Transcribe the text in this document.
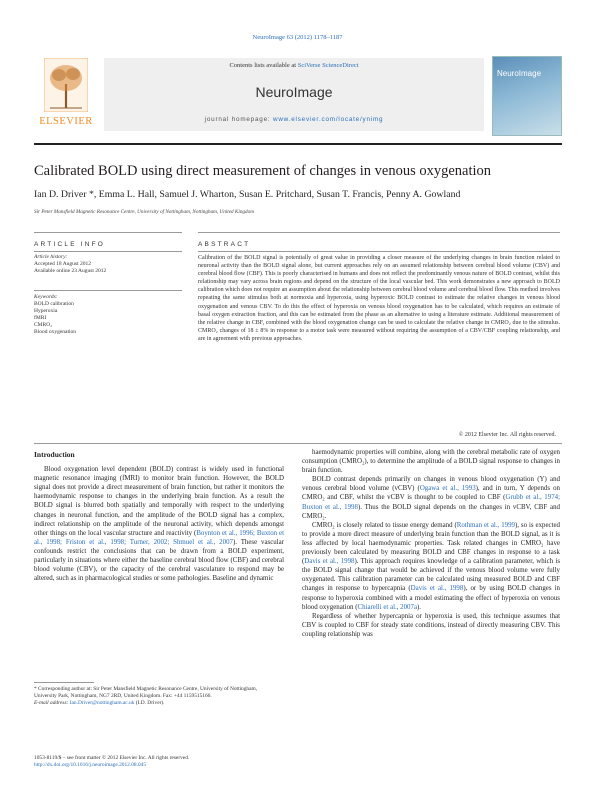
NeuroImage 63 (2012) 1178–1187
ELSEVIER
Contents lists available at SciVerse ScienceDirect
NeuroImage
journal homepage: www.elsevier.com/locate/ynimg
NeuroImage
Calibrated BOLD using direct measurement of changes in venous oxygenation
Ian D. Driver *, Emma L. Hall, Samuel J. Wharton, Susan E. Pritchard, Susan T. Francis, Penny A. Gowland
Sir Peter Mansfield Magnetic Resonance Centre, University of Nottingham, Nottingham, United Kingdom
ARTICLE INFO	ABSTRACT
Article history:
Accepted 18 August 2012
Available online 23 August 2012
Keywords:
BOLD calibration
Hyperoxia
fMRI
CMRO₂
Blood oxygenation
Calibration of the BOLD signal is potentially of great value in providing a closer measure of the underlying changes in brain function related to neuronal activity than the BOLD signal alone, but current approaches rely on an assumed relationship between cerebral blood volume (CBV) and cerebral blood flow (CBF). This is poorly characterised in humans and does not reflect the predominantly venous nature of BOLD contrast, whilst this relationship may vary across brain regions and depend on the structure of the local vascular bed. This work demonstrates a new approach to BOLD calibration which does not require an assumption about the relationship between cerebral blood volume and cerebral blood flow. This method involves repeating the same stimulus both at normoxia and hyperoxia, using hyperoxic BOLD contrast to estimate the relative changes in venous blood oxygenation and venous CBV. To do this the effect of hyperoxia on venous blood oxygenation has to be calculated, which requires an estimate of basal oxygen extraction fraction, and this can be estimated from the phase as an alternative to using a literature estimate. Additional measurement of the relative change in CBF, combined with the blood oxygenation change can be used to calculate the relative change in CMRO₂ due to the stimulus. CMRO₂ changes of 18 ± 8% in response to a motor task were measured without requiring the assumption of a CBV/CBF coupling relationship, and are in agreement with previous approaches.
© 2012 Elsevier Inc. All rights reserved.
Introduction

Blood oxygenation level dependent (BOLD) contrast is widely used in functional magnetic resonance imaging (fMRI) to monitor brain function. However, the BOLD signal does not provide a direct measurement of brain function, but rather it monitors the haemodynamic response to changes in the underlying brain function. As a result the BOLD signal is blurred both spatially and temporally with respect to the underlying changes in neuronal function, and the amplitude of the BOLD signal has a complex, indirect relationship on the amplitude of the neuronal activity, which depends amongst other things on the local vascular structure and reactivity (Boynton et al., 1996; Buxton et al., 1998; Friston et al., 1998; Turner, 2002; Shmuel et al., 2007). These vascular confounds restrict the conclusions that can be drawn from a BOLD experiment, particularly in situations where either the baseline cerebral blood flow (CBF) and cerebral blood volume (CBV), or the capacity of the cerebral vasculature to respond may be altered, such as in pharmacological studies or some pathologies. Baseline and dynamic

haemodynamic properties will combine, along with the cerebral metabolic rate of oxygen consumption (CMRO₂), to determine the amplitude of a BOLD signal response to changes in brain function.

BOLD contrast depends primarily on changes in venous blood oxygenation (Y) and venous cerebral blood volume (vCBV) (Ogawa et al., 1993), and in turn, Y depends on CMRO₂ and CBF, whilst the vCBV is thought to be coupled to CBF (Grubb et al., 1974; Buxton et al., 1998). Thus the BOLD signal depends on the changes in vCBV, CBF and CMRO₂.

CMRO₂ is closely related to tissue energy demand (Rothman et al., 1999), so is expected to provide a more direct measure of underlying brain function than the BOLD signal, as it is less affected by local haemodynamic properties. Task related changes in CMRO₂ have previously been calculated by measuring BOLD and CBF changes in response to a task (Davis et al., 1998). This approach requires knowledge of a calibration parameter, which is the BOLD signal change that would be achieved if the venous blood volume were fully oxygenated. This calibration parameter can be calculated using measured BOLD and CBF changes in response to hypercapnia (Davis et al., 1998), or by using BOLD changes in response to hyperoxia combined with a model estimating the effect of hyperoxia on venous blood oxygenation (Chiarelli et al., 2007a).

Regardless of whether hypercapnia or hyperoxia is used, this technique assumes that CBV is coupled to CBF for steady state conditions, instead of directly measuring CBV. This coupling relationship was

* Corresponding author at: Sir Peter Mansfield Magnetic Resonance Centre, University of Nottingham, University Park, Nottingham, NG7 2RD, United Kingdom. Fax: +44 1159515166.
E-mail address: Ian.Driver@nottingham.ac.uk (I.D. Driver).
1053-8119/$ – see front matter © 2012 Elsevier Inc. All rights reserved.
http://dx.doi.org/10.1016/j.neuroimage.2012.08.045
